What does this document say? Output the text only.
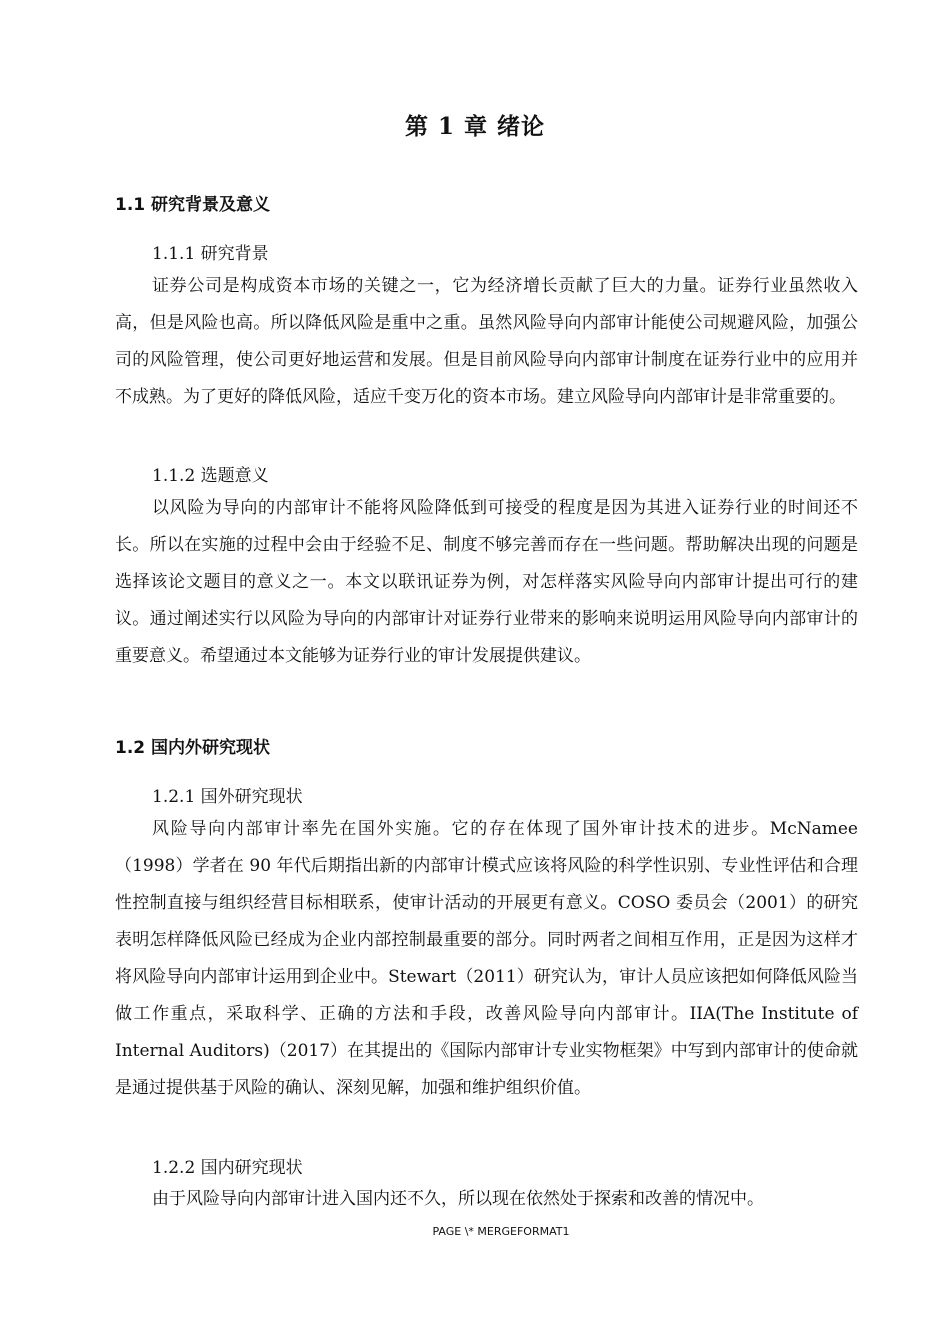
第 1 章 绪论
1.1 研究背景及意义
1.1.1 研究背景
证券公司是构成资本市场的关键之一，它为经济增长贡献了巨大的力量。证券行业虽然收入高，但是风险也高。所以降低风险是重中之重。虽然风险导向内部审计能使公司规避风险，加强公司的风险管理，使公司更好地运营和发展。但是目前风险导向内部审计制度在证券行业中的应用并不成熟。为了更好的降低风险，适应千变万化的资本市场。建立风险导向内部审计是非常重要的。
1.1.2 选题意义
以风险为导向的内部审计不能将风险降低到可接受的程度是因为其进入证券行业的时间还不长。所以在实施的过程中会由于经验不足、制度不够完善而存在一些问题。帮助解决出现的问题是选择该论文题目的意义之一。本文以联讯证券为例，对怎样落实风险导向内部审计提出可行的建议。通过阐述实行以风险为导向的内部审计对证券行业带来的影响来说明运用风险导向内部审计的重要意义。希望通过本文能够为证券行业的审计发展提供建议。
1.2 国内外研究现状
1.2.1 国外研究现状
风险导向内部审计率先在国外实施。它的存在体现了国外审计技术的进步。McNamee（1998）学者在 90 年代后期指出新的内部审计模式应该将风险的科学性识别、专业性评估和合理性控制直接与组织经营目标相联系，使审计活动的开展更有意义。COSO 委员会（2001）的研究表明怎样降低风险已经成为企业内部控制最重要的部分。同时两者之间相互作用，正是因为这样才将风险导向内部审计运用到企业中。Stewart（2011）研究认为，审计人员应该把如何降低风险当做工作重点，采取科学、正确的方法和手段，改善风险导向内部审计。IIA(The Institute of Internal Auditors)（2017）在其提出的《国际内部审计专业实物框架》中写到内部审计的使命就是通过提供基于风险的确认、深刻见解，加强和维护组织价值。
1.2.2 国内研究现状
由于风险导向内部审计进入国内还不久，所以现在依然处于探索和改善的情况中。
PAGE \* MERGEFORMAT1
